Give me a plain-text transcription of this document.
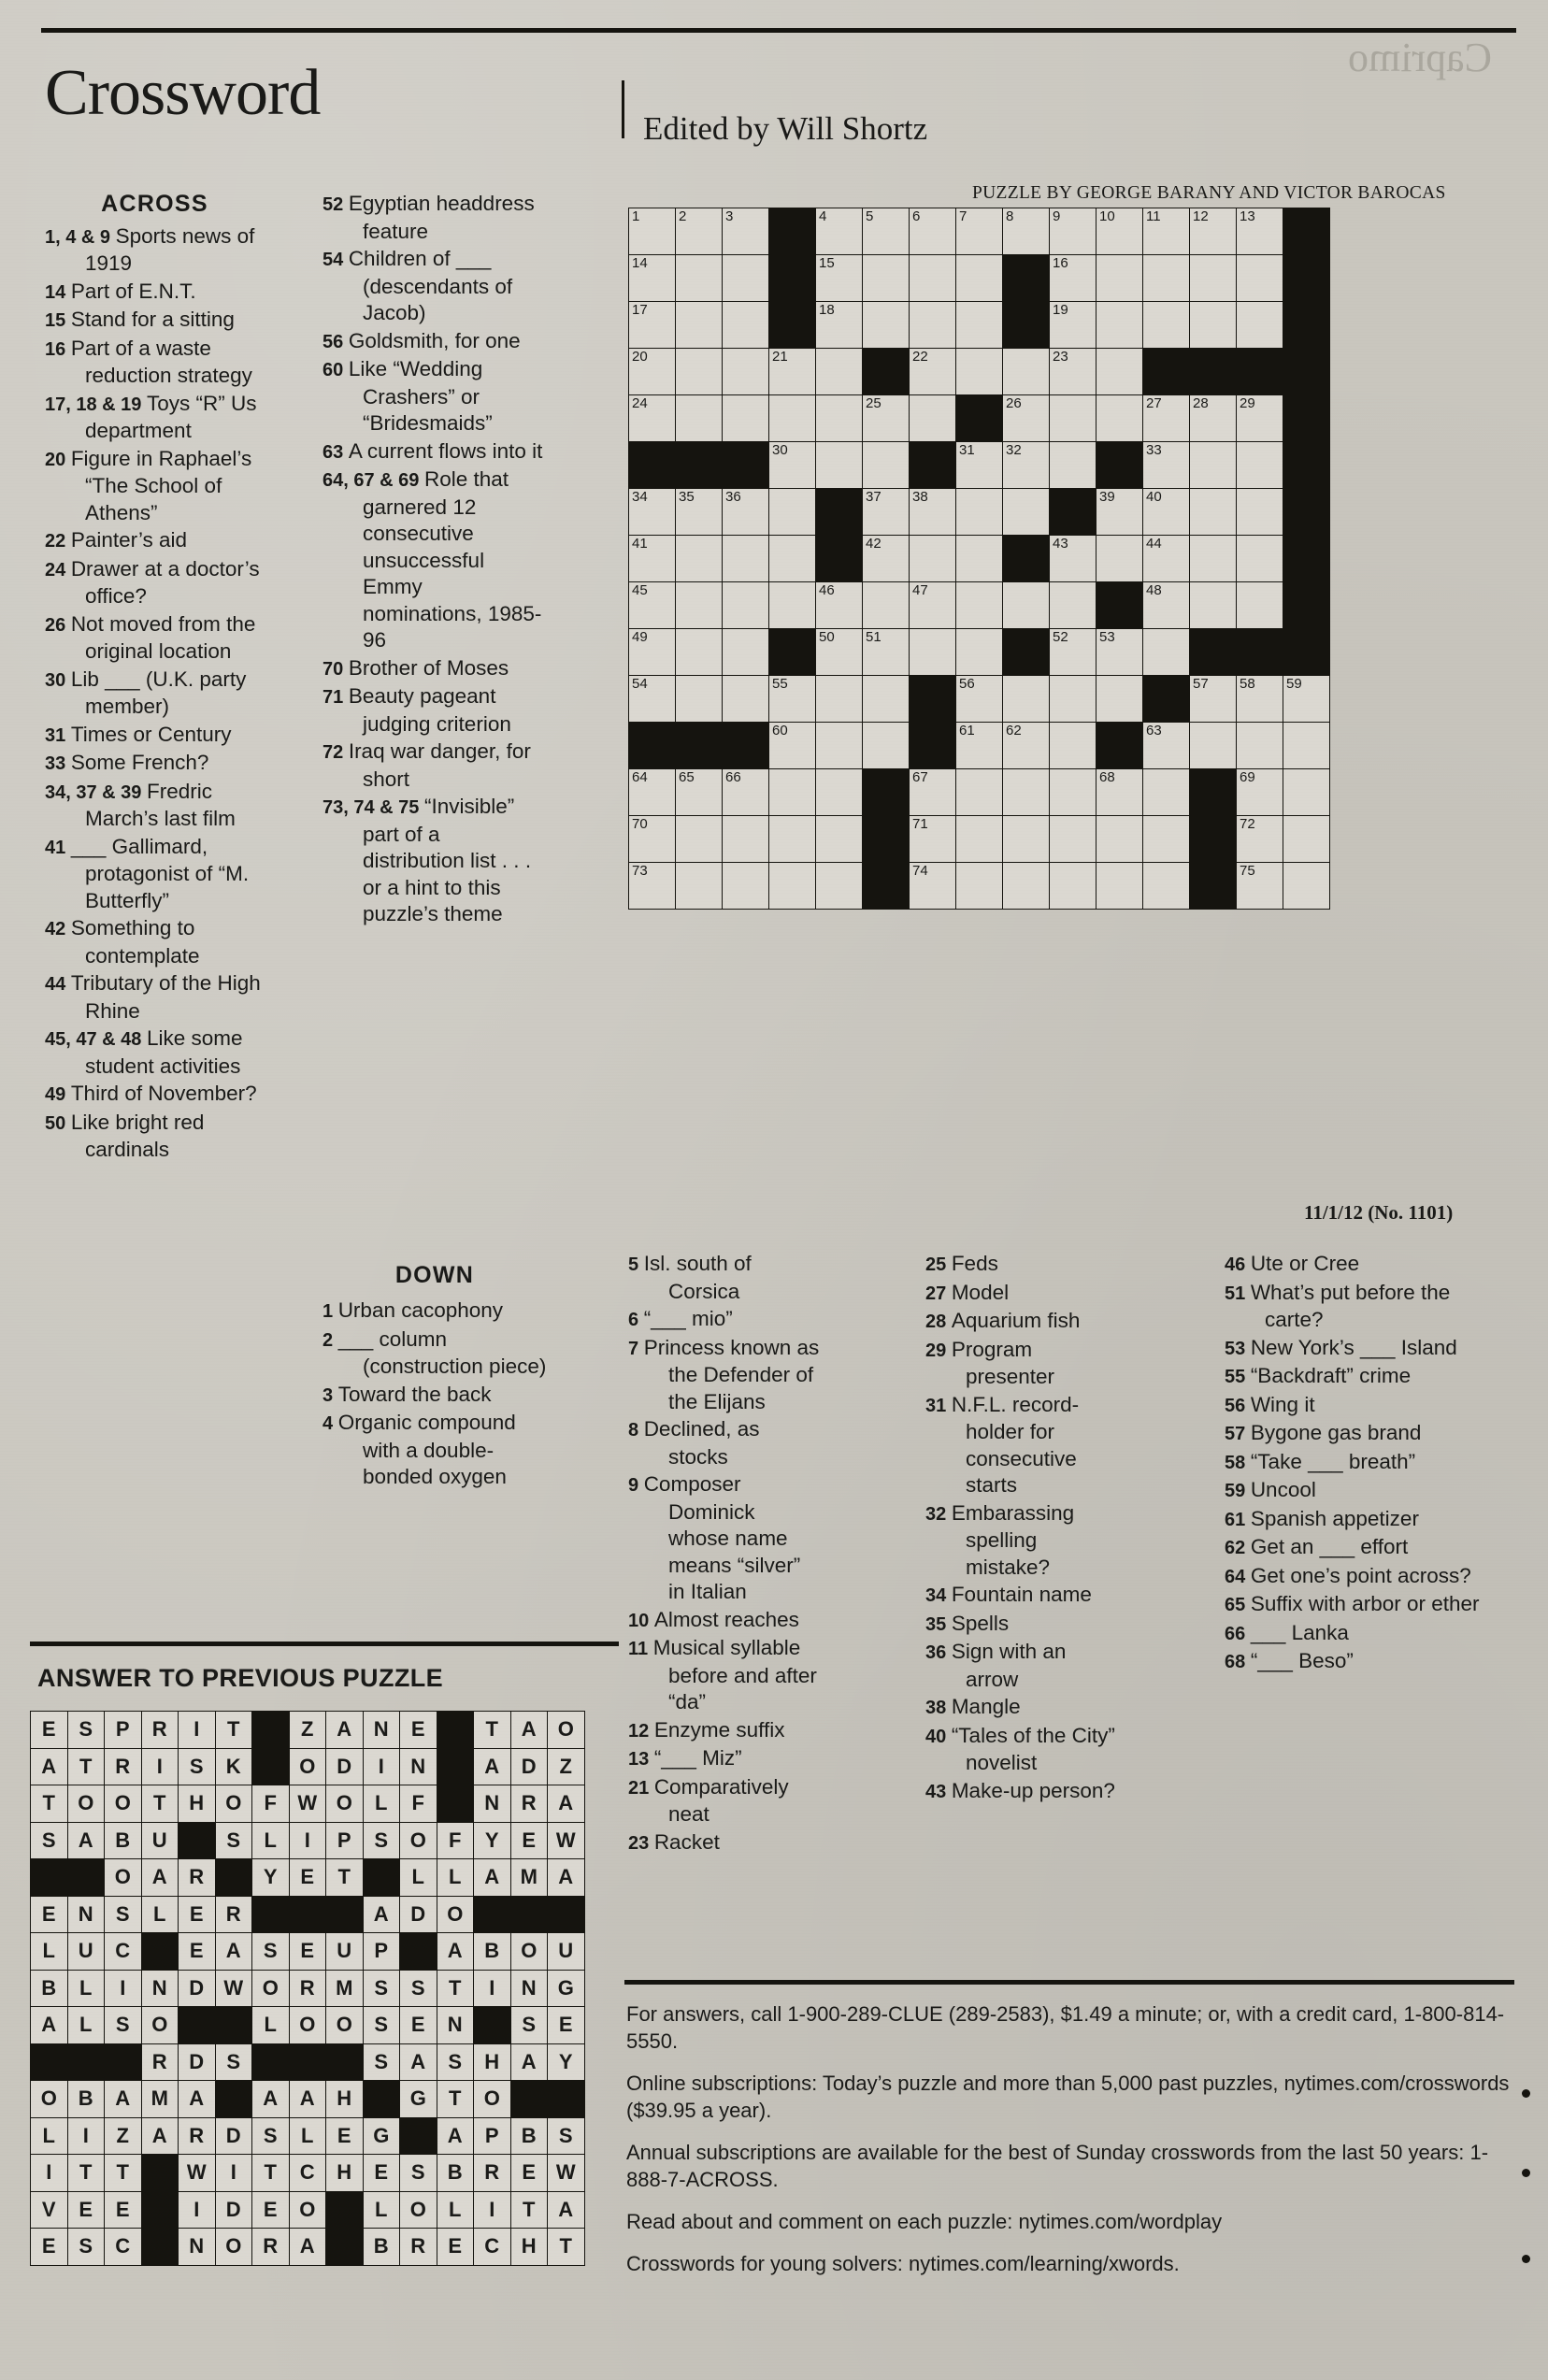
Caprimo
Crossword	Edited by Will Shortz
PUZZLE BY GEORGE BARANY AND VICTOR BAROCAS
ACROSS
1, 4 & 9 Sports news of 1919
14 Part of E.N.T.
15 Stand for a sitting
16 Part of a waste reduction strategy
17, 18 & 19 Toys “R” Us department
20 Figure in Raphael’s “The School of Athens”
22 Painter’s aid
24 Drawer at a doctor’s office?
26 Not moved from the original location
30 Lib ___ (U.K. party member)
31 Times or Century
33 Some French?
34, 37 & 39 Fredric March’s last film
41 ___ Gallimard, protagonist of “M. Butterfly”
42 Something to contemplate
44 Tributary of the High Rhine
45, 47 & 48 Like some student activities
49 Third of November?
50 Like bright red cardinals
52 Egyptian headdress feature
54 Children of ___ (descendants of Jacob)
56 Goldsmith, for one
60 Like “Wedding Crashers” or “Bridesmaids”
63 A current flows into it
64, 67 & 69 Role that garnered 12 consecutive unsuccessful Emmy nominations, 1985-96
70 Brother of Moses
71 Beauty pageant judging criterion
72 Iraq war danger, for short
73, 74 & 75 “Invisible” part of a distribution list . . . or a hint to this puzzle’s theme
DOWN
1 Urban cacophony
2 ___ column (construction piece)
3 Toward the back
4 Organic compound with a double-bonded oxygen
1	2	3		4	5	6	7	8	9	10	11	12	13	

14				15					16					

17				18					19					

20			21			22			23					

24					25			26			27	28	29	

			30				31	32			33			

34	35	36			37	38				39	40			

41					42				43		44			

45				46		47					48			

49				50	51				52	53				

54			55				56					57	58	59

			60				61	62			63			

64	65	66				67				68			69	

70						71							72	

73						74							75	

11/1/12 (No. 1101)
5 Isl. south of Corsica
6 “___ mio”
7 Princess known as the Defender of the Elijans
8 Declined, as stocks
9 Composer Dominick whose name means “silver” in Italian
10 Almost reaches
11 Musical syllable before and after “da”
12 Enzyme suffix
13 “___ Miz”
21 Comparatively neat
23 Racket
25 Feds
27 Model
28 Aquarium fish
29 Program presenter
31 N.F.L. record-holder for consecutive starts
32 Embarassing spelling mistake?
34 Fountain name
35 Spells
36 Sign with an arrow
38 Mangle
40 “Tales of the City” novelist
43 Make-up person?
46 Ute or Cree
51 What’s put before the carte?
53 New York’s ___ Island
55 “Backdraft” crime
56 Wing it
57 Bygone gas brand
58 “Take ___ breath”
59 Uncool
61 Spanish appetizer
62 Get an ___ effort
64 Get one’s point across?
65 Suffix with arbor or ether
66 ___ Lanka
68 “___ Beso”
ANSWER TO PREVIOUS PUZZLE
E	S	P	R	I	T		Z	A	N	E		T	A	O
A	T	R	I	S	K		O	D	I	N		A	D	Z
T	O	O	T	H	O	F	W	O	L	F		N	R	A
S	A	B	U		S	L	I	P	S	O	F	Y	E	W
		O	A	R		Y	E	T		L	L	A	M	A
E	N	S	L	E	R				A	D	O			
L	U	C		E	A	S	E	U	P		A	B	O	U
B	L	I	N	D	W	O	R	M	S	S	T	I	N	G
A	L	S	O			L	O	O	S	E	N		S	E
			R	D	S				S	A	S	H	A	Y
O	B	A	M	A		A	A	H		G	T	O		
L	I	Z	A	R	D	S	L	E	G		A	P	B	S
I	T	T		W	I	T	C	H	E	S	B	R	E	W
V	E	E		I	D	E	O		L	O	L	I	T	A
E	S	C		N	O	R	A		B	R	E	C	H	T

For answers, call 1-900-289-CLUE (289-2583), $1.49 a minute; or, with a credit card, 1-800-814-5550.

Online subscriptions: Today’s puzzle and more than 5,000 past puzzles, nytimes.com/crosswords ($39.95 a year).

Annual subscriptions are available for the best of Sunday crosswords from the last 50 years: 1-888-7-ACROSS.

Read about and comment on each puzzle: nytimes.com/wordplay

Crosswords for young solvers: nytimes.com/learning/xwords.
